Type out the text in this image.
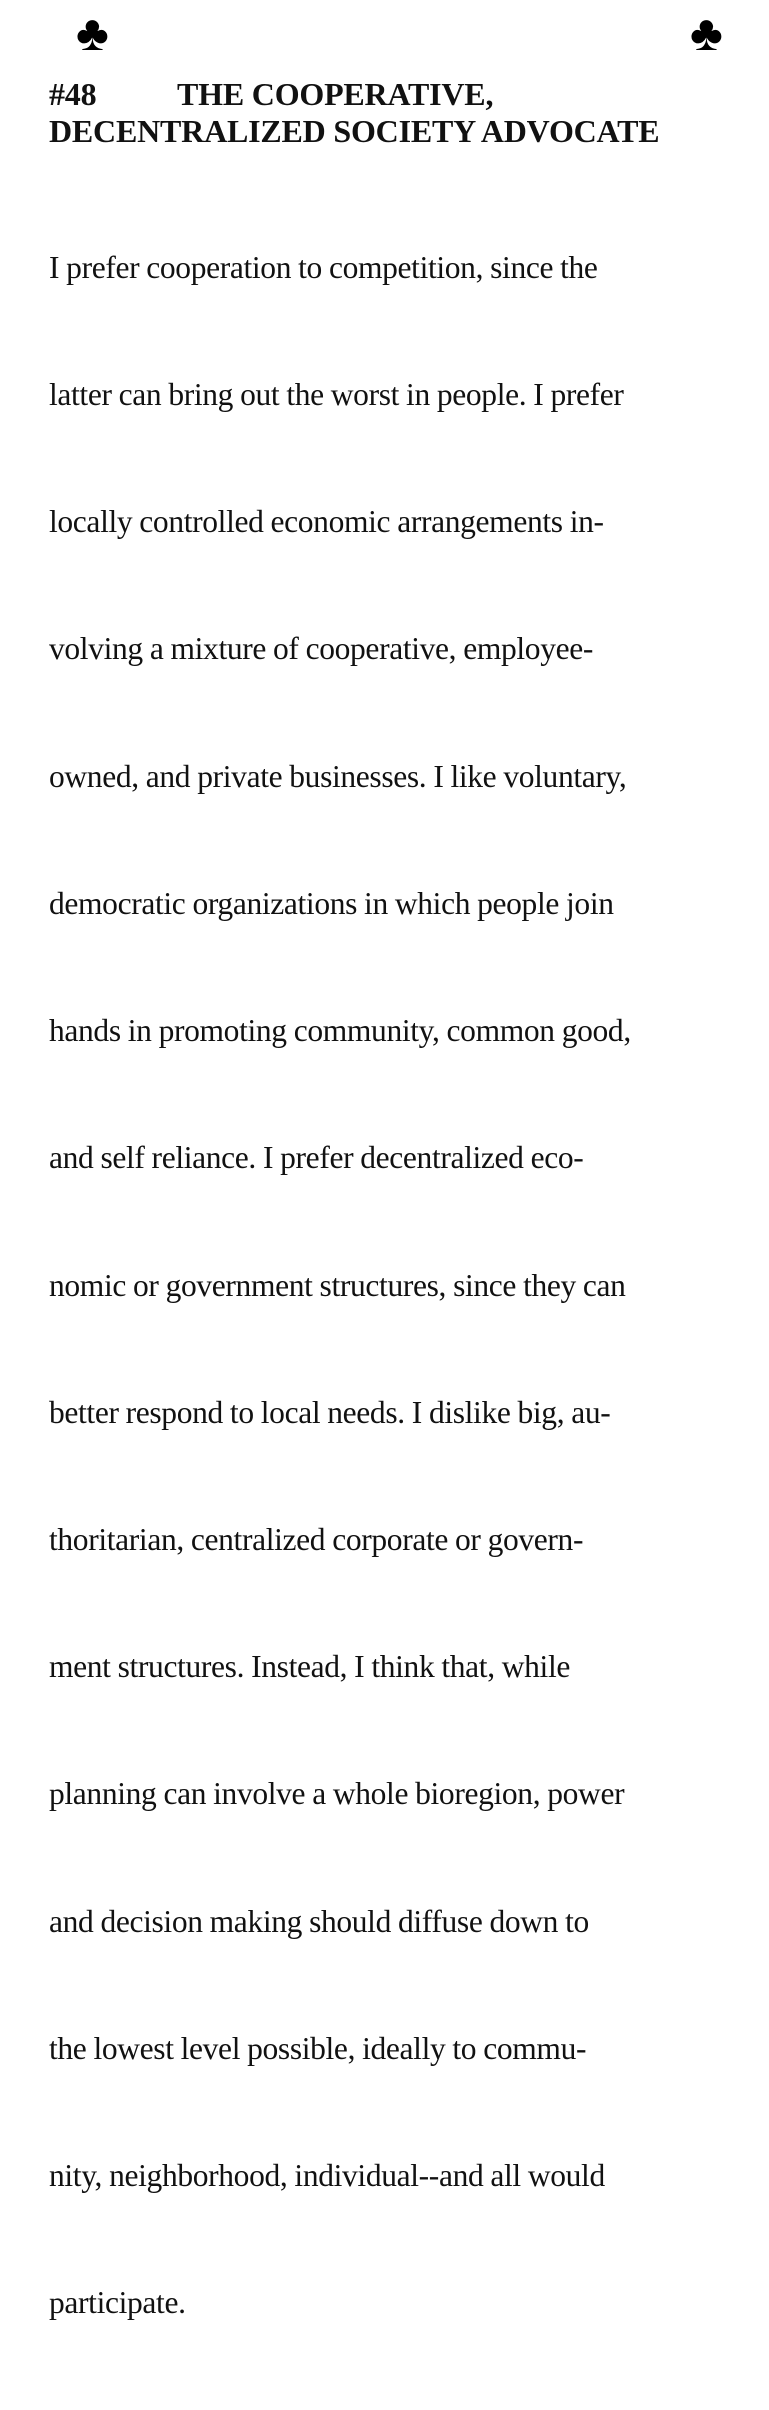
♣	♣
#48	THE COOPERATIVE,
DECENTRALIZED SOCIETY ADVOCATE

I prefer cooperation to competition, since the

latter can bring out the worst in people. I prefer

locally controlled economic arrangements in-

volving a mixture of cooperative, employee-

owned, and private businesses. I like voluntary,

democratic organizations in which people join

hands in promoting community, common good,

and self reliance. I prefer decentralized eco-

nomic or government structures, since they can

better respond to local needs. I dislike big, au-

thoritarian, centralized corporate or govern-

ment structures. Instead, I think that, while

planning can involve a whole bioregion, power

and decision making should diffuse down to

the lowest level possible, ideally to commu-

nity, neighborhood, individual--and all would

participate.
